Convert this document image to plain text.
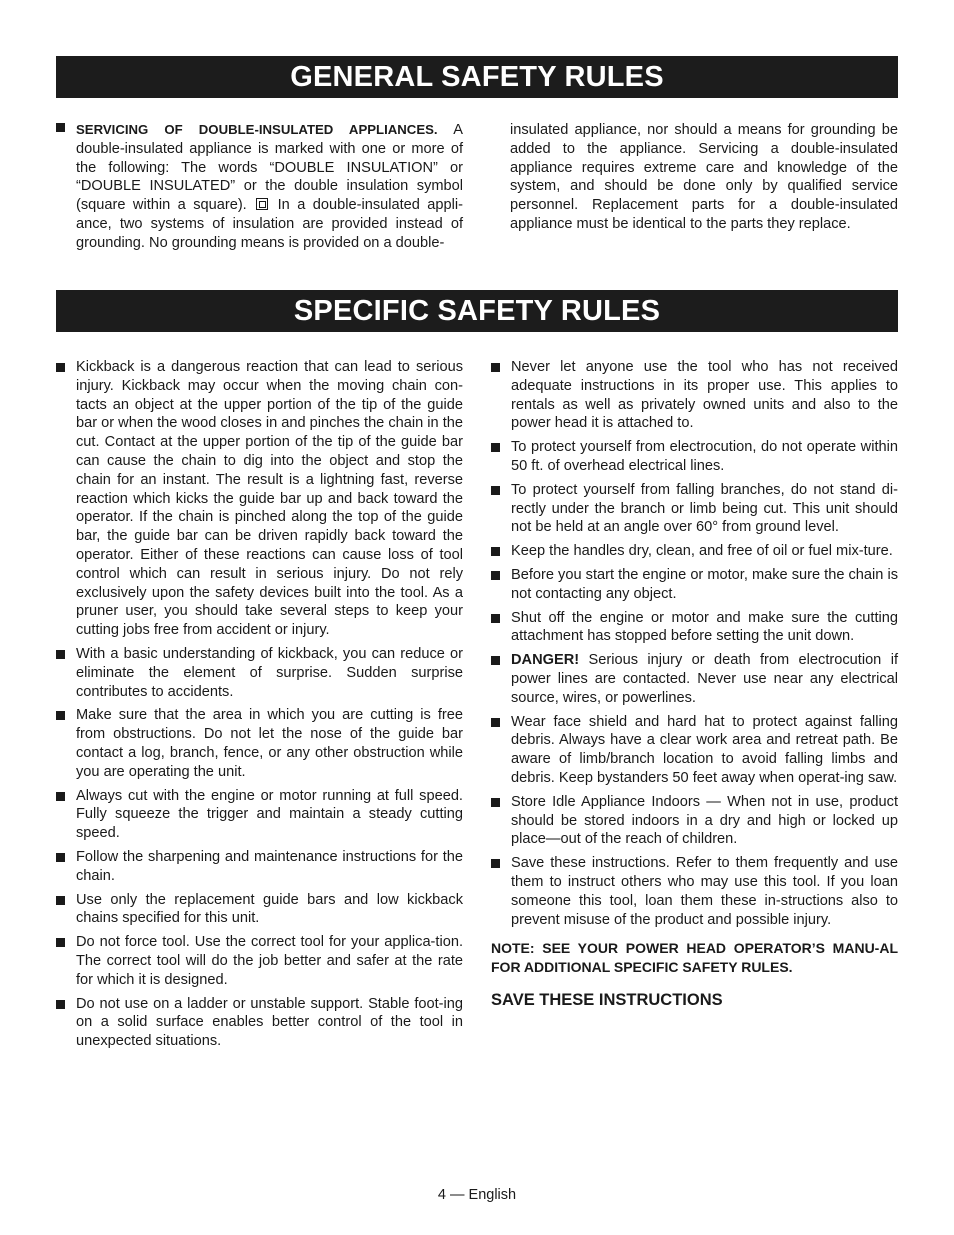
GENERAL SAFETY RULES
SERVICING OF DOUBLE-INSULATED APPLIANCES. A double-insulated appliance is marked with one or more of the following: The words “DOUBLE INSULATION” or “DOUBLE INSULATED” or the double insulation symbol (square within a square). In a double-insulated appli-ance, two systems of insulation are provided instead of grounding. No grounding means is provided on a double-
insulated appliance, nor should a means for grounding be added to the appliance. Servicing a double-insulated appliance requires extreme care and knowledge of the system, and should be done only by qualified service personnel. Replacement parts for a double-insulated appliance must be identical to the parts they replace.
SPECIFIC SAFETY RULES
Kickback is a dangerous reaction that can lead to serious injury. Kickback may occur when the moving chain con-tacts an object at the upper portion of the tip of the guide bar or when the wood closes in and pinches the chain in the cut. Contact at the upper portion of the tip of the guide bar can cause the chain to dig into the object and stop the chain for an instant. The result is a lightning fast, reverse reaction which kicks the guide bar up and back toward the operator. If the chain is pinched along the top of the guide bar, the guide bar can be driven rapidly back toward the operator. Either of these reactions can cause loss of tool control which can result in serious injury. Do not rely exclusively upon the safety devices built into the tool. As a pruner user, you should take several steps to keep your cutting jobs free from accident or injury.
With a basic understanding of kickback, you can reduce or eliminate the element of surprise. Sudden surprise contributes to accidents.
Make sure that the area in which you are cutting is free from obstructions. Do not let the nose of the guide bar contact a log, branch, fence, or any other obstruction while you are operating the unit.
Always cut with the engine or motor running at full speed. Fully squeeze the trigger and maintain a steady cutting speed.
Follow the sharpening and maintenance instructions for the chain.
Use only the replacement guide bars and low kickback chains specified for this unit.
Do not force tool. Use the correct tool for your applica-tion. The correct tool will do the job better and safer at the rate for which it is designed.
Do not use on a ladder or unstable support. Stable foot-ing on a solid surface enables better control of the tool in unexpected situations.
Never let anyone use the tool who has not received adequate instructions in its proper use. This applies to rentals as well as privately owned units and also to the power head it is attached to.
To protect yourself from electrocution, do not operate within 50 ft. of overhead electrical lines.
To protect yourself from falling branches, do not stand di-rectly under the branch or limb being cut. This unit should not be held at an angle over 60° from ground level.
Keep the handles dry, clean, and free of oil or fuel mix-ture.
Before you start the engine or motor, make sure the chain is not contacting any object.
Shut off the engine or motor and make sure the cutting attachment has stopped before setting the unit down.
DANGER! Serious injury or death from electrocution if power lines are contacted. Never use near any electrical source, wires, or powerlines.
Wear face shield and hard hat to protect against falling debris. Always have a clear work area and retreat path. Be aware of limb/branch location to avoid falling limbs and debris. Keep bystanders 50 feet away when operat-ing saw.
Store Idle Appliance Indoors — When not in use, product should be stored indoors in a dry and high or locked up place—out of the reach of children.
Save these instructions. Refer to them frequently and use them to instruct others who may use this tool. If you loan someone this tool, loan them these in-structions also to prevent misuse of the product and possible injury.
NOTE: SEE YOUR POWER HEAD OPERATOR’S MANU-AL FOR ADDITIONAL SPECIFIC SAFETY RULES.
SAVE THESE INSTRUCTIONS
4 — English
